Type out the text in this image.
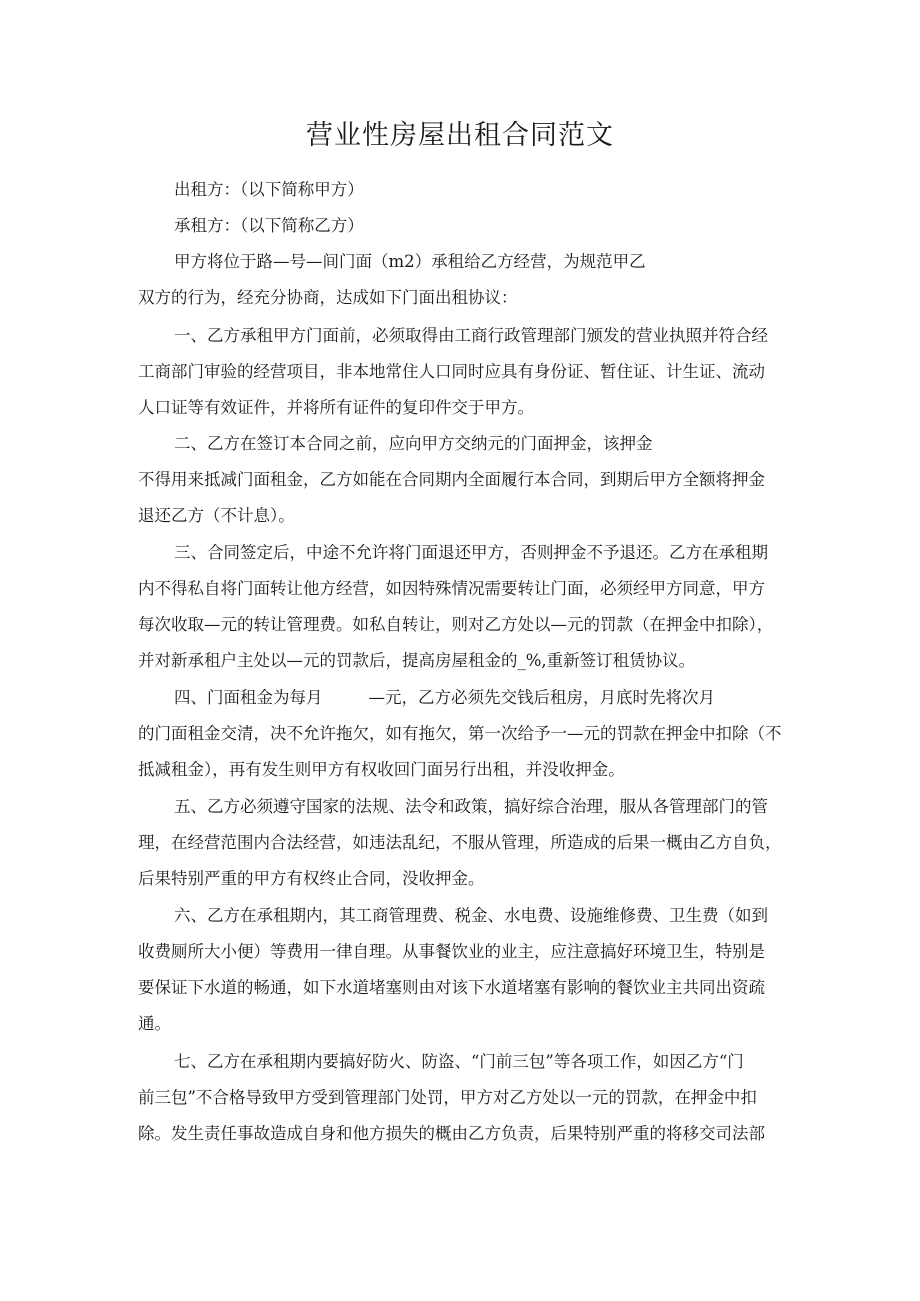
营业性房屋出租合同范文

出租方：（以下简称甲方）

承租方：（以下简称乙方）

甲方将位于路—号—间门面（m2）承租给乙方经营，为规范甲乙

双方的行为，经充分协商，达成如下门面出租协议：

一、乙方承租甲方门面前，必须取得由工商行政管理部门颁发的营业执照并符合经

工商部门审验的经营项目，非本地常住人口同时应具有身份证、暂住证、计生证、流动

人口证等有效证件，并将所有证件的复印件交于甲方。

二、乙方在签订本合同之前，应向甲方交纳元的门面押金，该押金

不得用来抵减门面租金，乙方如能在合同期内全面履行本合同，到期后甲方全额将押金

退还乙方（不计息）。

三、合同签定后，中途不允许将门面退还甲方，否则押金不予退还。乙方在承租期

内不得私自将门面转让他方经营，如因特殊情况需要转让门面，必须经甲方同意，甲方

每次收取—元的转让管理费。如私自转让，则对乙方处以—元的罚款（在押金中扣除），

并对新承租户主处以—元的罚款后，提高房屋租金的_%,重新签订租赁协议。

四、门面租金为每月	—元，乙方必须先交钱后租房，月底时先将次月

的门面租金交清，决不允许拖欠，如有拖欠，第一次给予一—元的罚款在押金中扣除（不

抵减租金），再有发生则甲方有权收回门面另行出租，并没收押金。

五、乙方必须遵守国家的法规、法令和政策，搞好综合治理，服从各管理部门的管

理，在经营范围内合法经营，如违法乱纪，不服从管理，所造成的后果一概由乙方自负，

后果特别严重的甲方有权终止合同，没收押金。

六、乙方在承租期内，其工商管理费、税金、水电费、设施维修费、卫生费（如到

收费厕所大小便）等费用一律自理。从事餐饮业的业主，应注意搞好环境卫生，特别是

要保证下水道的畅通，如下水道堵塞则由对该下水道堵塞有影响的餐饮业主共同出资疏

通。

七、乙方在承租期内要搞好防火、防盗、“门前三包”等各项工作，如因乙方“门

前三包”不合格导致甲方受到管理部门处罚，甲方对乙方处以一元的罚款，在押金中扣

除。发生责任事故造成自身和他方损失的概由乙方负责，后果特别严重的将移交司法部
